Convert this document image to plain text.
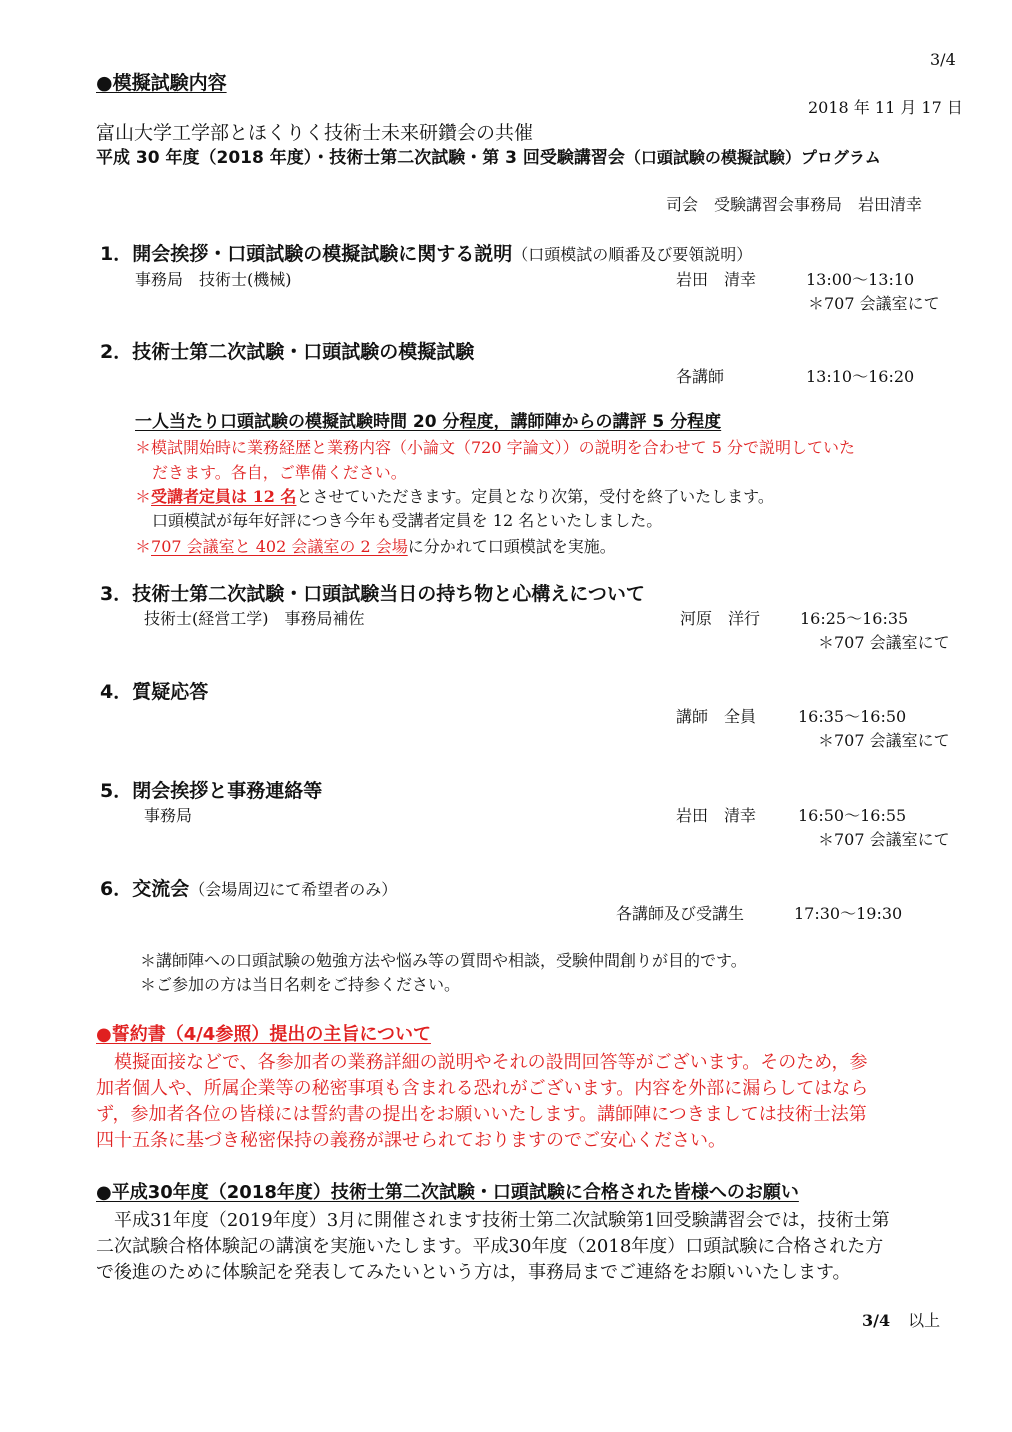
3/4
●模擬試験内容
2018 年 11 月 17 日
富山大学工学部とほくりく技術士未来研鑽会の共催
平成 30 年度（2018 年度）・技術士第二次試験・第 3 回受験講習会（口頭試験の模擬試験）プログラム
司会　受験講習会事務局　岩田清幸
1．開会挨拶・口頭試験の模擬試験に関する説明（口頭模試の順番及び要領説明）
事務局　技術士(機械)	岩田　清幸	13:00～13:10
＊707 会議室にて
2．技術士第二次試験・口頭試験の模擬試験
各講師	13:10～16:20
一人当たり口頭試験の模擬試験時間 20 分程度，講師陣からの講評 5 分程度
＊模試開始時に業務経歴と業務内容（小論文（720 字論文））の説明を合わせて 5 分で説明していた
だきます。各自，ご準備ください。
＊受講者定員は 12 名とさせていただきます。定員となり次第，受付を終了いたします。
口頭模試が毎年好評につき今年も受講者定員を 12 名といたしました。
＊707 会議室と 402 会議室の 2 会場に分かれて口頭模試を実施。
3．技術士第二次試験・口頭試験当日の持ち物と心構えについて
技術士(経営工学)　事務局補佐	河原　洋行 16:25～16:35
＊707 会議室にて
4．質疑応答
講師　全員	16:35～16:50
＊707 会議室にて
5．閉会挨拶と事務連絡等
事務局	岩田　清幸	16:50～16:55
＊707 会議室にて
6．交流会（会場周辺にて希望者のみ）
各講師及び受講生	17:30～19:30
＊講師陣への口頭試験の勉強方法や悩み等の質問や相談，受験仲間創りが目的です。
＊ご参加の方は当日名刺をご持参ください。
●誓約書（4/4参照）提出の主旨について
　模擬面接などで、各参加者の業務詳細の説明やそれの設問回答等がございます。そのため，参
加者個人や、所属企業等の秘密事項も含まれる恐れがございます。内容を外部に漏らしてはなら
ず，参加者各位の皆様には誓約書の提出をお願いいたします。講師陣につきましては技術士法第
四十五条に基づき秘密保持の義務が課せられておりますのでご安心ください。
●平成30年度（2018年度）技術士第二次試験・口頭試験に合格された皆様へのお願い
　平成31年度（2019年度）3月に開催されます技術士第二次試験第1回受験講習会では，技術士第
二次試験合格体験記の講演を実施いたします。平成30年度（2018年度）口頭試験に合格された方
で後進のために体験記を発表してみたいという方は，事務局までご連絡をお願いいたします。
3/4 以上
